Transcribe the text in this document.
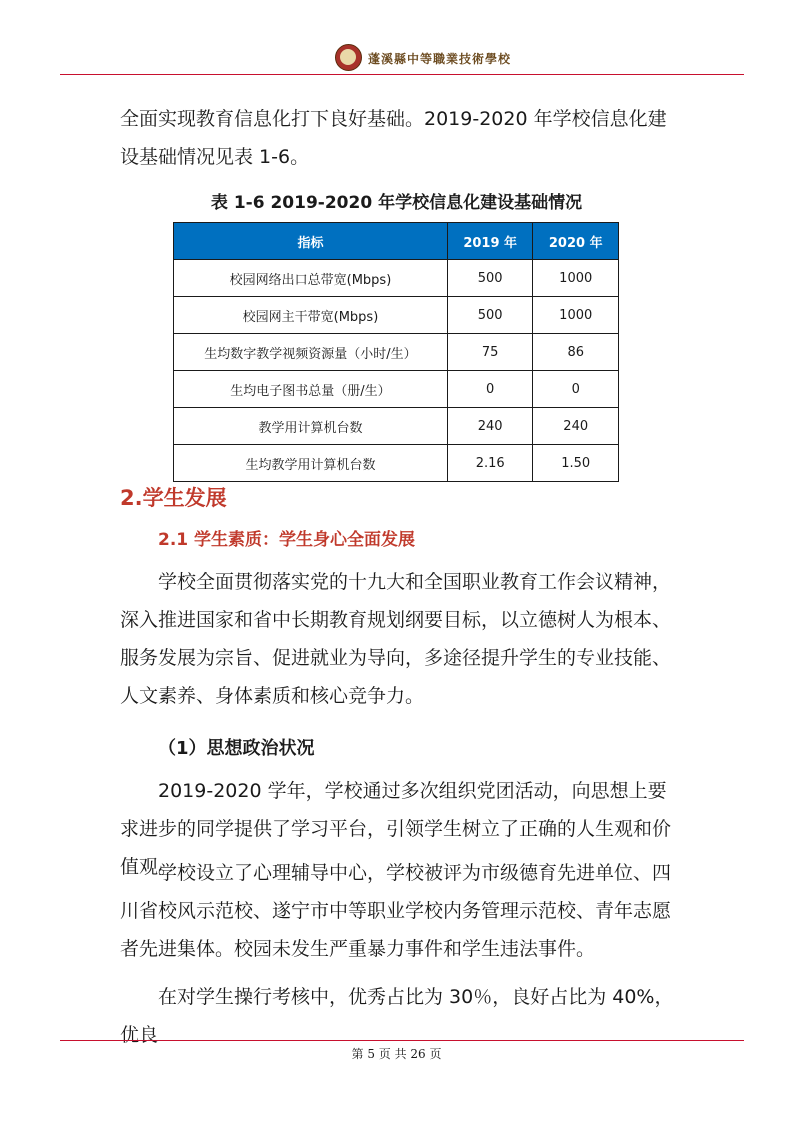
蓬溪縣中等職業技術學校

全面实现教育信息化打下良好基础。2019-2020 年学校信息化建设基础情况见表 1-6。

表 1-6 2019-2020 年学校信息化建设基础情况
指标	2019 年	2020 年
校园网络出口总带宽(Mbps)	500	1000
校园网主干带宽(Mbps)	500	1000
生均数字教学视频资源量（小时/生）	75	86
生均电子图书总量（册/生）	0	0
教学用计算机台数	240	240
生均教学用计算机台数	2.16	1.50
2.学生发展
2.1 学生素质：学生身心全面发展

学校全面贯彻落实党的十九大和全国职业教育工作会议精神，深入推进国家和省中长期教育规划纲要目标，以立德树人为根本、服务发展为宗旨、促进就业为导向，多途径提升学生的专业技能、人文素养、身体素质和核心竞争力。

（1）思想政治状况

2019-2020 学年，学校通过多次组织党团活动，向思想上要求进步的同学提供了学习平台，引领学生树立了正确的人生观和价值观。

学校设立了心理辅导中心，学校被评为市级德育先进单位、四川省校风示范校、遂宁市中等职业学校内务管理示范校、青年志愿者先进集体。校园未发生严重暴力事件和学生违法事件。

在对学生操行考核中，优秀占比为 30％，良好占比为 40%，优良

第 5 页 共 26 页
